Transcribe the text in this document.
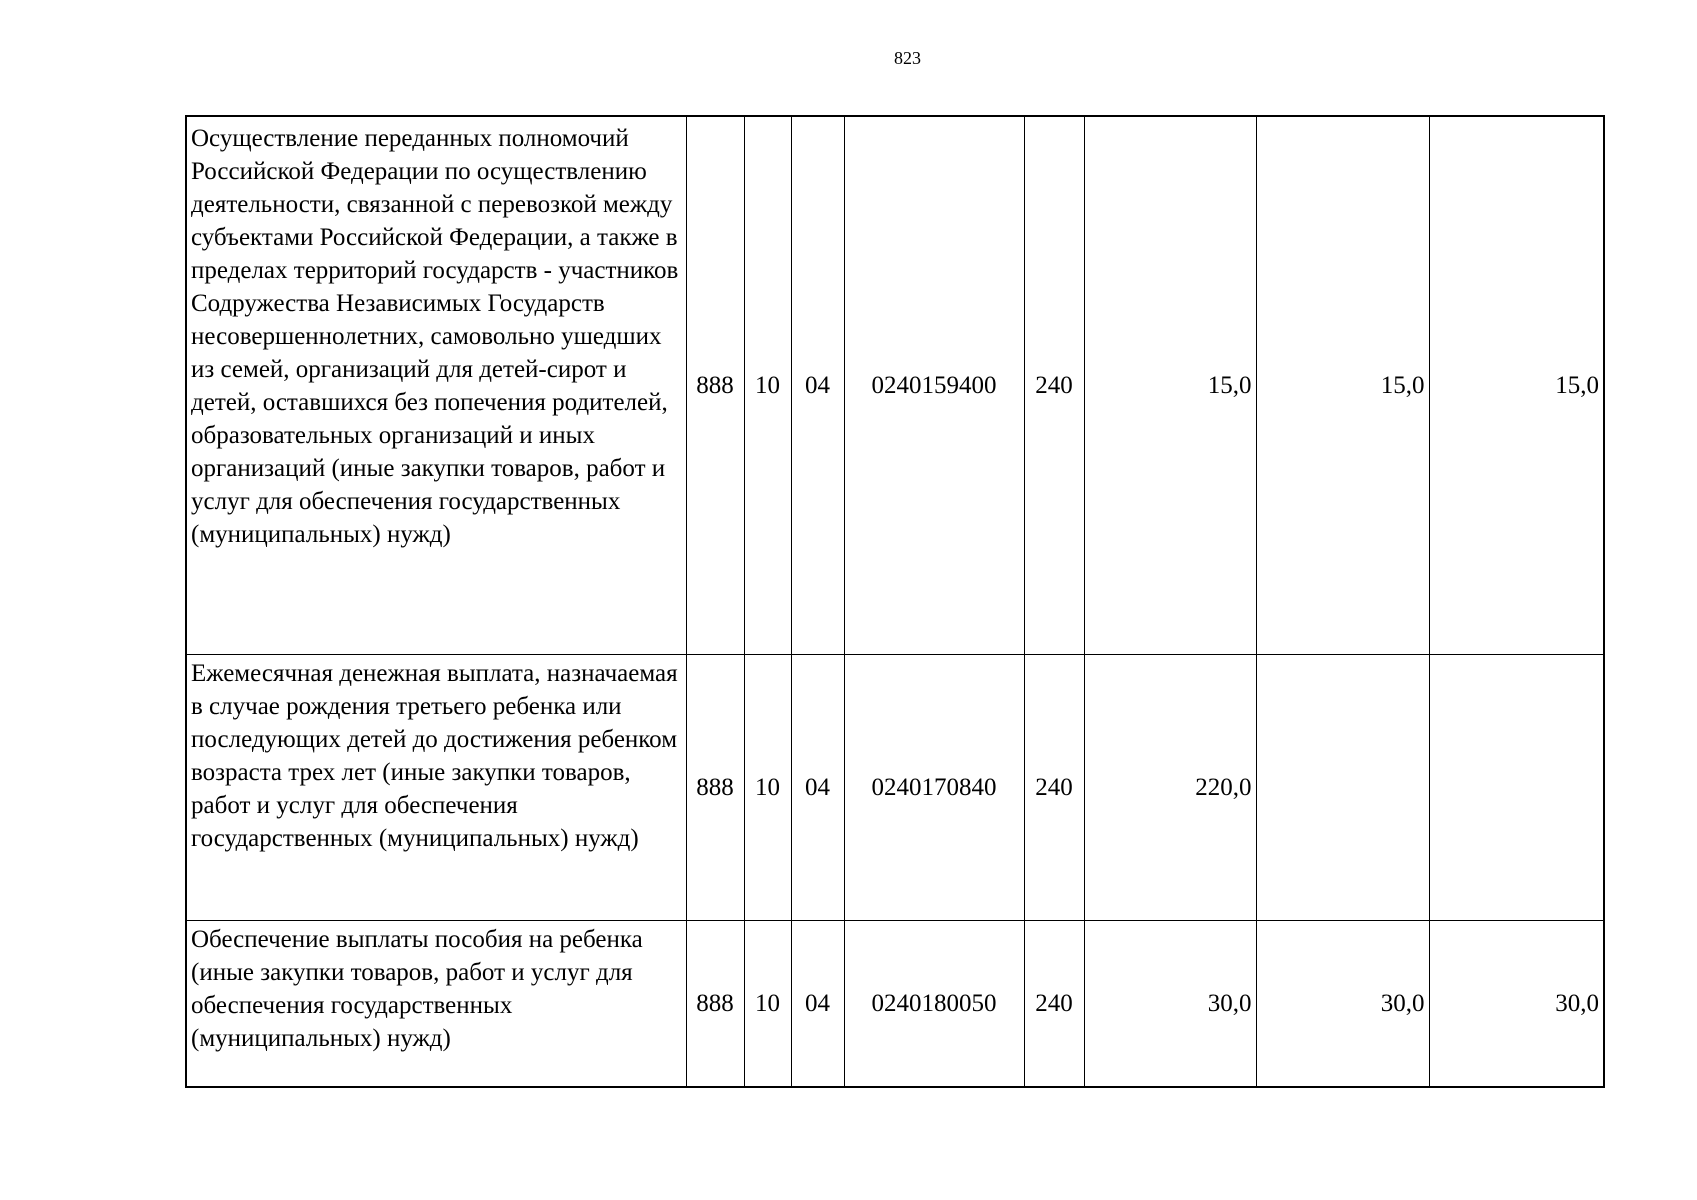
823
Осуществление переданных полномочий Российской Федерации по осуществлению деятельности, связанной с перевозкой между субъектами Российской Федерации, а также в пределах территорий государств - участников Содружества Независимых Государств несовершеннолетних, самовольно ушедших из семей, организаций для детей-сирот и детей, оставшихся без попечения родителей, образовательных организаций и иных организаций (иные закупки товаров, работ и услуг для обеспечения государственных (муниципальных) нужд)	888	10	04	0240159400	240	15,0	15,0	15,0

Ежемесячная денежная выплата, назначаемая в случае рождения третьего ребенка или последующих детей до достижения ребенком возраста трех лет (иные закупки товаров, работ и услуг для обеспечения государственных (муниципальных) нужд)	888	10	04	0240170840	240	220,0		

Обеспечение выплаты пособия на ребенка (иные закупки товаров, работ и услуг для обеспечения государственных (муниципальных) нужд)	888	10	04	0240180050	240	30,0	30,0	30,0
